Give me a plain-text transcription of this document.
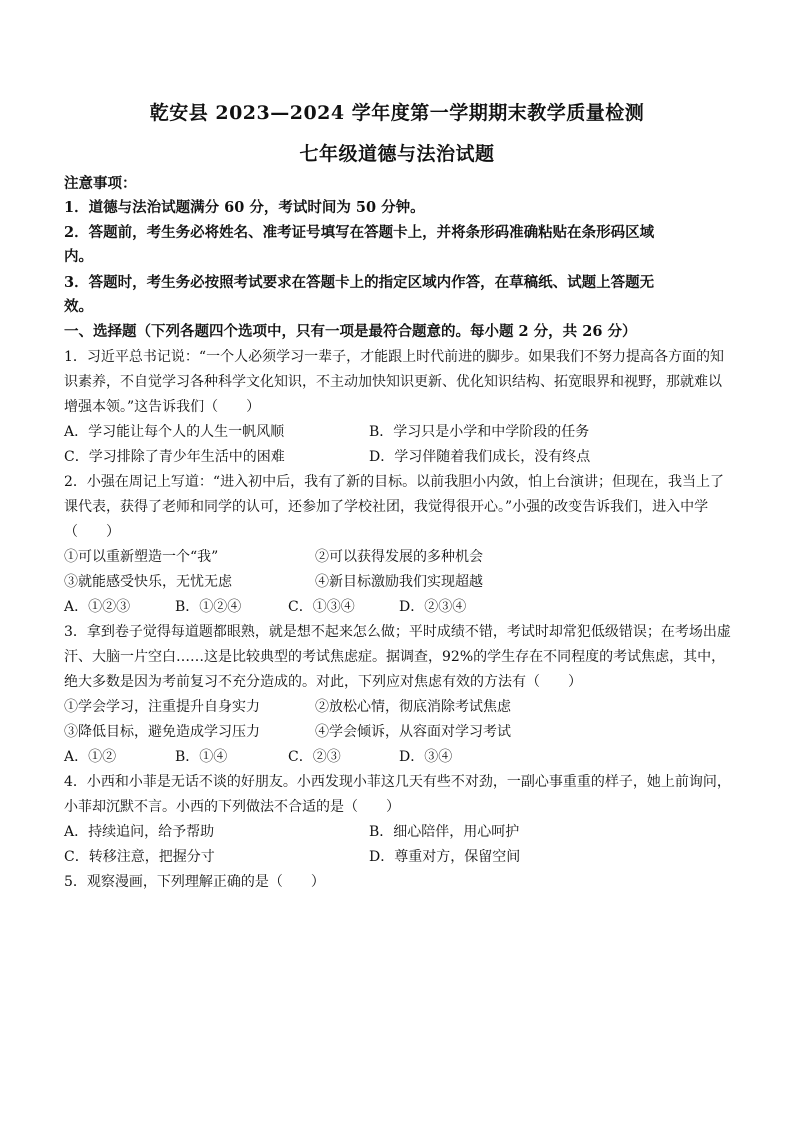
乾安县 2023—2024 学年度第一学期期末教学质量检测
七年级道德与法治试题
注意事项：
1．道德与法治试题满分 60 分，考试时间为 50 分钟。
2．答题前，考生务必将姓名、准考证号填写在答题卡上，并将条形码准确粘贴在条形码区域
内。
3．答题时，考生务必按照考试要求在答题卡上的指定区域内作答，在草稿纸、试题上答题无
效。
一、选择题（下列各题四个选项中，只有一项是最符合题意的。每小题 2 分，共 26 分）
1．习近平总书记说：“一个人必须学习一辈子，才能跟上时代前进的脚步。如果我们不努力提高各方面的知
识素养，不自觉学习各种科学文化知识，不主动加快知识更新、优化知识结构、拓宽眼界和视野，那就难以
增强本领。”这告诉我们（　　）
A．学习能让每个人的人生一帆风顺	B．学习只是小学和中学阶段的任务
C．学习排除了青少年生活中的困难	D．学习伴随着我们成长，没有终点
2．小强在周记上写道：“进入初中后，我有了新的目标。以前我胆小内敛，怕上台演讲；但现在，我当上了
课代表，获得了老师和同学的认可，还参加了学校社团，我觉得很开心。”小强的改变告诉我们，进入中学
（　　）
①可以重新塑造一个“我”	②可以获得发展的多种机会
③就能感受快乐，无忧无虑	④新目标激励我们实现超越
A．①②③	B．①②④	C．①③④	D．②③④
3．拿到卷子觉得每道题都眼熟，就是想不起来怎么做；平时成绩不错，考试时却常犯低级错误；在考场出虚
汗、大脑一片空白……这是比较典型的考试焦虑症。据调查，92%的学生存在不同程度的考试焦虑，其中，
绝大多数是因为考前复习不充分造成的。对此，下列应对焦虑有效的方法有（　　）
①学会学习，注重提升自身实力	②放松心情，彻底消除考试焦虑
③降低目标，避免造成学习压力	④学会倾诉，从容面对学习考试
A．①②	B．①④	C．②③	D．③④
4．小西和小菲是无话不谈的好朋友。小西发现小菲这几天有些不对劲，一副心事重重的样子，她上前询问，
小菲却沉默不言。小西的下列做法不合适的是（　　）
A．持续追问，给予帮助	B．细心陪伴，用心呵护
C．转移注意，把握分寸	D．尊重对方，保留空间
5．观察漫画，下列理解正确的是（　　）
